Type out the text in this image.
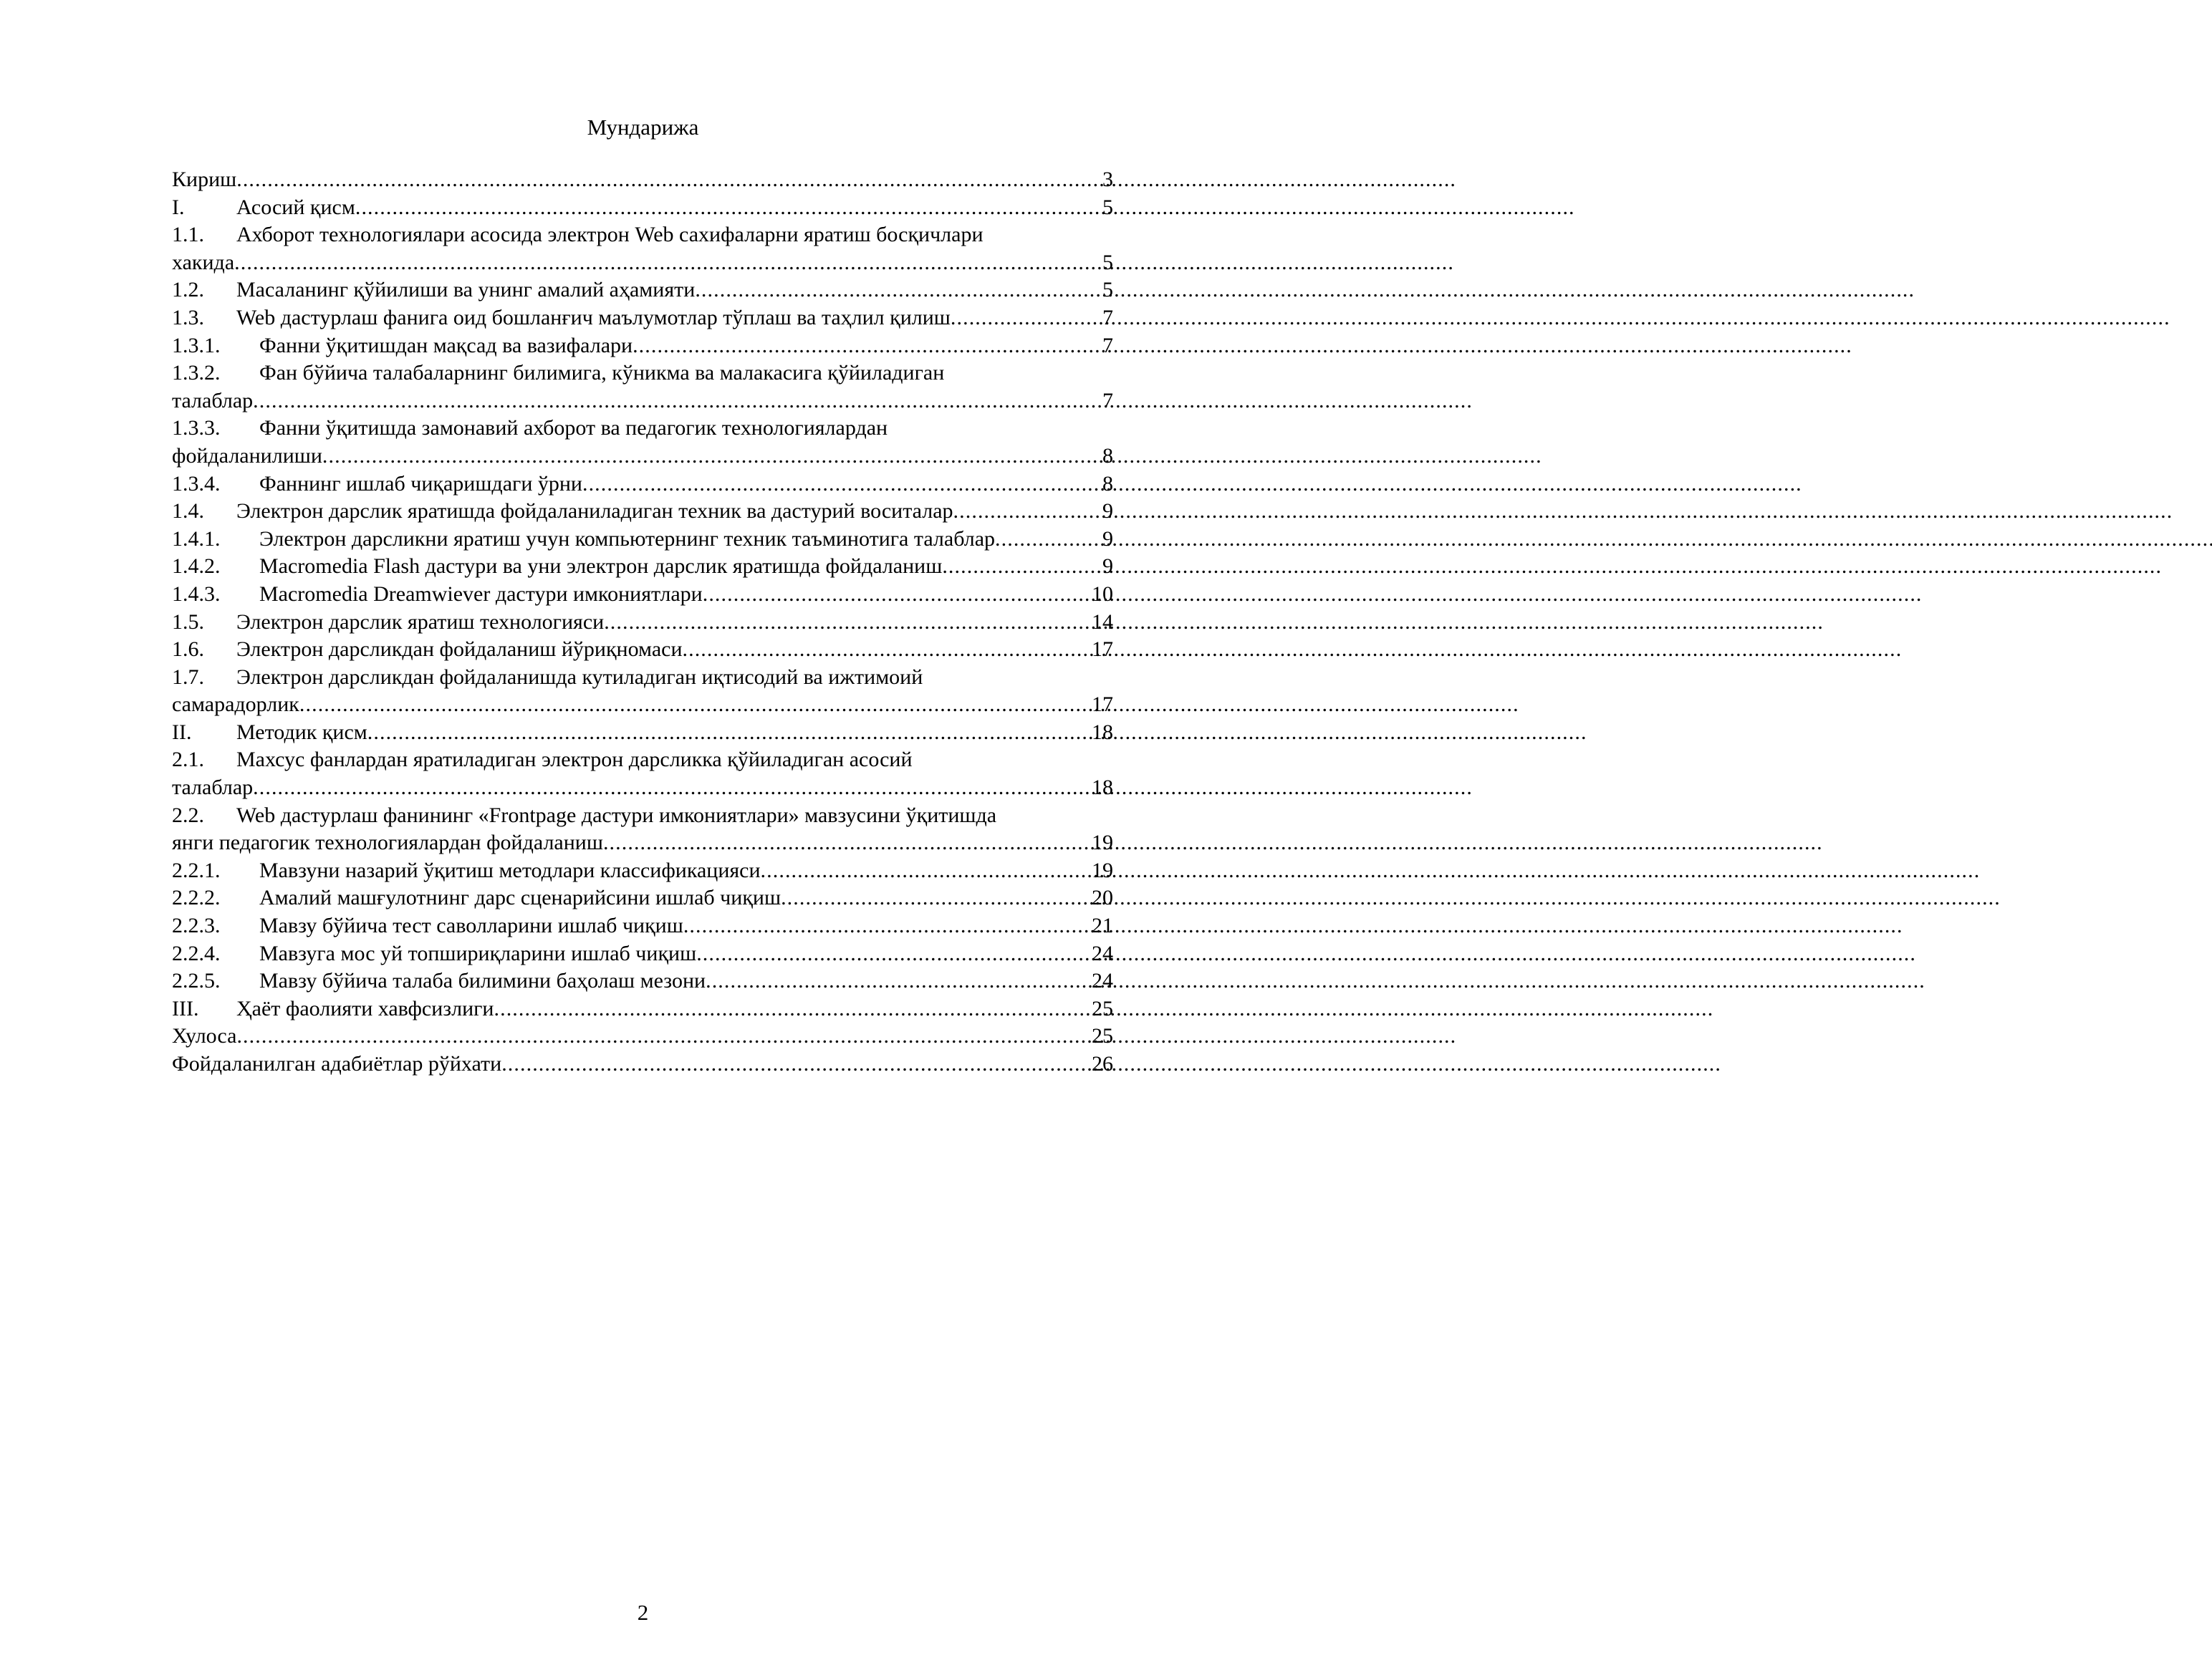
Мундарижа
Кириш . . .	3
I.	Асосий қисм . . .	5
1.1.	Ахборот технологиялари асосида электрон Web сахифаларни яратиш босқичлари
хакида . . .	5
1.2.	Масаланинг қўйилиши ва унинг амалий аҳамияти . . .	5
1.3.	Web дастурлаш фанига оид бошланғич маълумотлар тўплаш ва таҳлил қилиш . . .	7
1.3.1.	Фанни ўқитишдан мақсад ва вазифалари . . .	7
1.3.2.	Фан бўйича талабаларнинг билимига, кўникма ва малакасига қўйиладиган
талаблар . . .	7
1.3.3.	Фанни ўқитишда замонавий ахборот ва педагогик технологиялардан
фойдаланилиши . . .	8
1.3.4.	Фаннинг ишлаб чиқаришдаги ўрни . . .	8
1.4.	Электрон дарслик яратишда фойдаланиладиган техник ва дастурий воситалар . . .	9
1.4.1.	Электрон дарсликни яратиш учун компьютернинг техник таъминотига талаблар . . .	9
1.4.2.	Macromedia Flash дастури ва уни электрон дарслик яратишда фойдаланиш . . .	9
1.4.3.	Macromedia Dreamwiever дастури имкониятлари . . .	10
1.5.	Электрон дарслик яратиш технологияси . . .	14
1.6.	Электрон дарсликдан фойдаланиш йўриқномаси . . .	17
1.7.	Электрон дарсликдан фойдаланишда кутиладиган иқтисодий ва ижтимоий
самарадорлик . . .	17
II.	Методик қисм . . .	18
2.1.	Махсус фанлардан яратиладиган электрон дарсликка қўйиладиган асосий
талаблар . . .	18
2.2.	Web дастурлаш фанининг «Frontpage дастури имкониятлари» мавзусини ўқитишда
янги педагогик технологиялардан фойдаланиш . . .	19
2.2.1.	Мавзуни назарий ўқитиш методлари классификацияси . . .	19
2.2.2.	Амалий машғулотнинг дарс сценарийсини ишлаб чиқиш . . .	20
2.2.3.	Мавзу бўйича тест саволларини ишлаб чиқиш . . .	21
2.2.4.	Мавзуга мос уй топшириқларини ишлаб чиқиш . . .	24
2.2.5.	Мавзу бўйича талаба билимини баҳолаш мезони . . .	24
III.	Ҳаёт фаолияти хавфсизлиги . . .	25
Хулоса . . .	25
Фойдаланилган адабиётлар рўйхати . . .	26
2
